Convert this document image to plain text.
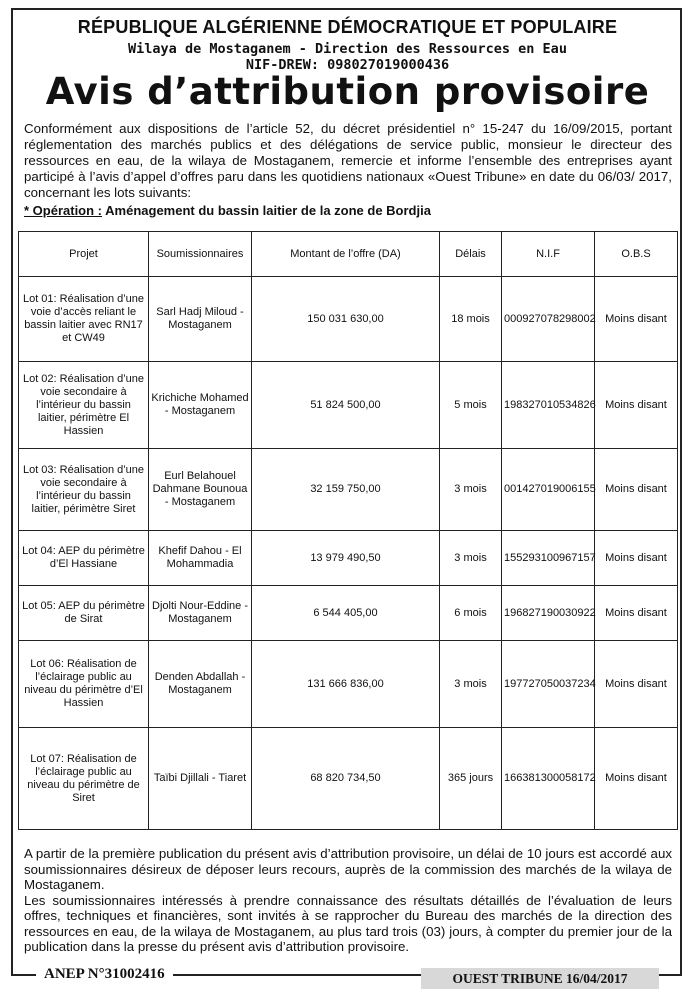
RÉPUBLIQUE ALGÉRIENNE DÉMOCRATIQUE ET POPULAIRE
Wilaya de Mostaganem - Direction des Ressources en Eau
NIF-DREW: 098027019000436
Avis d’attribution provisoire
Conformément aux dispositions de l’article 52, du décret présidentiel n° 15-247 du 16/09/2015, portant réglementation des marchés publics et des délégations de service public, monsieur le directeur des ressources en eau, de la wilaya de Mostaganem, remercie et informe l’ensemble des entreprises ayant participé à l’avis d’appel d’offres paru dans les quotidiens nationaux «Ouest Tribune» en date du 06/03/ 2017, concernant les lots suivants:
* Opération : Aménagement du bassin laitier de la zone de Bordjia
Projet	Soumissionnaires	Montant de l’offre (DA)	Délais	N.I.F	O.B.S
Lot 01: Réalisation d’une voie d’accès reliant le bassin laitier avec RN17 et CW49	Sarl Hadj Miloud - Mostaganem	150 031 630,00	18 mois	000927078298002	Moins disant
Lot 02: Réalisation d’une voie secondaire à l’intérieur du bassin laitier, périmètre El Hassien	Krichiche Mohamed - Mostaganem	51 824 500,00	5 mois	198327010534826	Moins disant
Lot 03: Réalisation d’une voie secondaire à l’intérieur du bassin laitier, périmètre Siret	Eurl Belahouel Dahmane Bounoua - Mostaganem	32 159 750,00	3 mois	001427019006155	Moins disant
Lot 04: AEP du périmètre d’El Hassiane	Khefif Dahou - El Mohammadia	13 979 490,50	3 mois	155293100967157	Moins disant
Lot 05: AEP du périmètre de Sirat	Djolti Nour-Eddine - Mostaganem	6 544 405,00	6 mois	196827190030922	Moins disant
Lot 06: Réalisation de l’éclairage public au niveau du périmètre d’El Hassien	Denden Abdallah - Mostaganem	131 666 836,00	3 mois	197727050037234	Moins disant
Lot 07: Réalisation de l’éclairage public au niveau du périmètre de Siret	Taïbi Djillali - Tiaret	68 820 734,50	365 jours	166381300058172	Moins disant
A partir de la première publication du présent avis d’attribution provisoire, un délai de 10 jours est accordé aux soumissionnaires désireux de déposer leurs recours, auprès de la commission des marchés de la wilaya de Mostaganem.
Les soumissionnaires intéressés à prendre connaissance des résultats détaillés de l’évaluation de leurs offres, techniques et financières, sont invités à se rapprocher du Bureau des marchés de la direction des ressources en eau, de la wilaya de Mostaganem, au plus tard trois (03) jours, à compter du premier jour de la publication dans la presse du présent avis d’attribution provisoire.
ANEP N°31002416	OUEST TRIBUNE 16/04/2017
